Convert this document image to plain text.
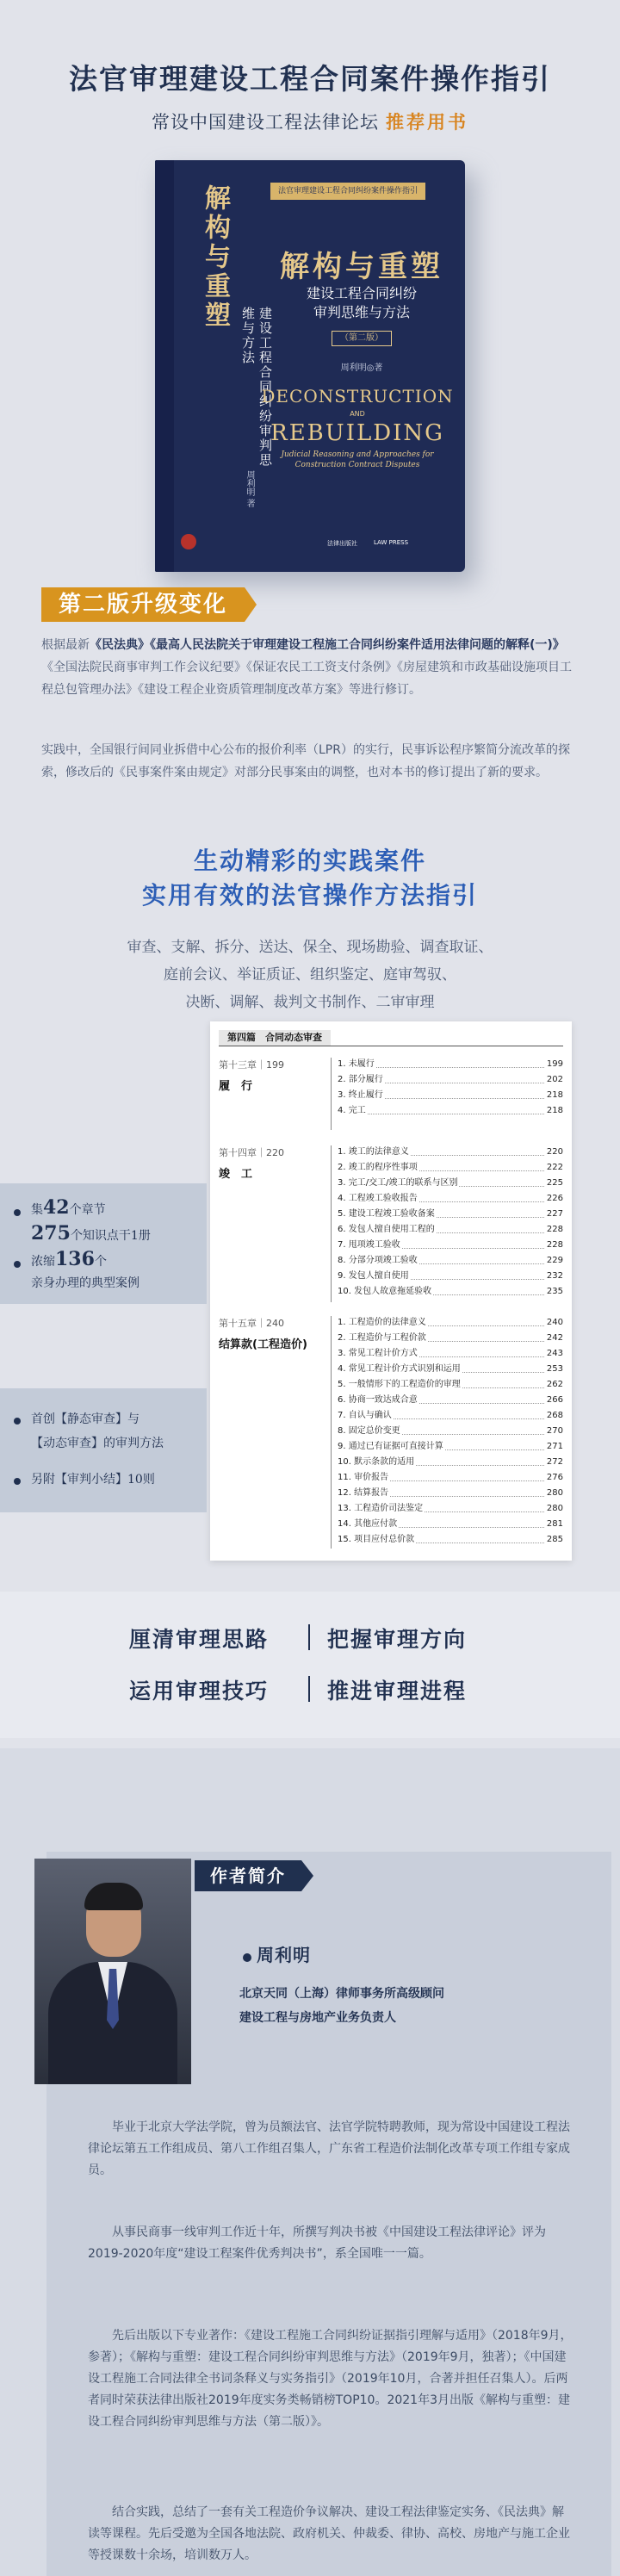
法官审理建设工程合同案件操作指引
常设中国建设工程法律论坛 推荐用书
法官审理建设工程合同纠纷案件操作指引
解构与重塑
建设工程合同纠纷审判思维与方法
周利明 著
解构与重塑
建设工程合同纠纷
审判思维与方法
（第二版）
周利明◎著
DECONSTRUCTION
AND
REBUILDING
Judicial Reasoning and Approaches for
Construction Contract Disputes
法律出版社	LAW PRESS
第二版升级变化
根据最新《民法典》《最高人民法院关于审理建设工程施工合同纠纷案件适用法律问题的解释(一)》《全国法院民商事审判工作会议纪要》《保证农民工工资支付条例》《房屋建筑和市政基础设施项目工程总包管理办法》《建设工程企业资质管理制度改革方案》等进行修订。
实践中，全国银行间同业拆借中心公布的报价利率（LPR）的实行，民事诉讼程序繁简分流改革的探索，修改后的《民事案件案由规定》对部分民事案由的调整，也对本书的修订提出了新的要求。
生动精彩的实践案件
实用有效的法官操作方法指引
审查、支解、拆分、送达、保全、现场勘验、调查取证、
庭前会议、举证质证、组织鉴定、庭审驾驭、
决断、调解、裁判文书制作、二审审理
第四篇　合同动态审查
第十三章｜199
履　行
1. 未履行	199
2. 部分履行	202
3. 终止履行	218
4. 完工	218
第十四章｜220
竣　工
1. 竣工的法律意义	220
2. 竣工的程序性事项	222
3. 完工/交工/竣工的联系与区别	225
4. 工程竣工验收报告	226
5. 建设工程竣工验收备案	227
6. 发包人擅自使用工程的	228
7. 甩项竣工验收	228
8. 分部分项竣工验收	229
9. 发包人擅自使用	232
10. 发包人故意拖延验收	235
第十五章｜240
结算款(工程造价)
1. 工程造价的法律意义	240
2. 工程造价与工程价款	242
3. 常见工程计价方式	243
4. 常见工程计价方式识别和运用	253
5. 一般情形下的工程造价的审理	262
6. 协商一致达成合意	266
7. 自认与确认	268
8. 固定总价变更	270
9. 通过已有证据可直接计算	271
10. 默示条款的适用	272
11. 审价报告	276
12. 结算报告	280
13. 工程造价司法鉴定	280
14. 其他应付款	281
15. 项目应付总价款	285
集42个章节
275个知识点干1册
浓缩136个
亲身办理的典型案例
首创【静态审查】与
【动态审查】的审判方法
另附【审判小结】10则
厘清审理思路	把握审理方向
运用审理技巧	推进审理进程
作者简介
周利明
北京天同（上海）律师事务所高级顾问
建设工程与房地产业务负责人
毕业于北京大学法学院，曾为员额法官、法官学院特聘教师，现为常设中国建设工程法律论坛第五工作组成员、第八工作组召集人，广东省工程造价法制化改革专项工作组专家成员。
从事民商事一线审判工作近十年，所撰写判决书被《中国建设工程法律评论》评为2019-2020年度“建设工程案件优秀判决书”，系全国唯一一篇。
先后出版以下专业著作：《建设工程施工合同纠纷证据指引理解与适用》（2018年9月，参著）；《解构与重塑：建设工程合同纠纷审判思维与方法》（2019年9月，独著）；《中国建设工程施工合同法律全书词条释义与实务指引》（2019年10月，合著并担任召集人）。后两者同时荣获法律出版社2019年度实务类畅销榜TOP10。2021年3月出版《解构与重塑：建设工程合同纠纷审判思维与方法（第二版）》。
结合实践，总结了一套有关工程造价争议解决、建设工程法律鉴定实务、《民法典》解读等课程。先后受邀为全国各地法院、政府机关、仲裁委、律协、高校、房地产与施工企业等授课数十余场，培训数万人。
